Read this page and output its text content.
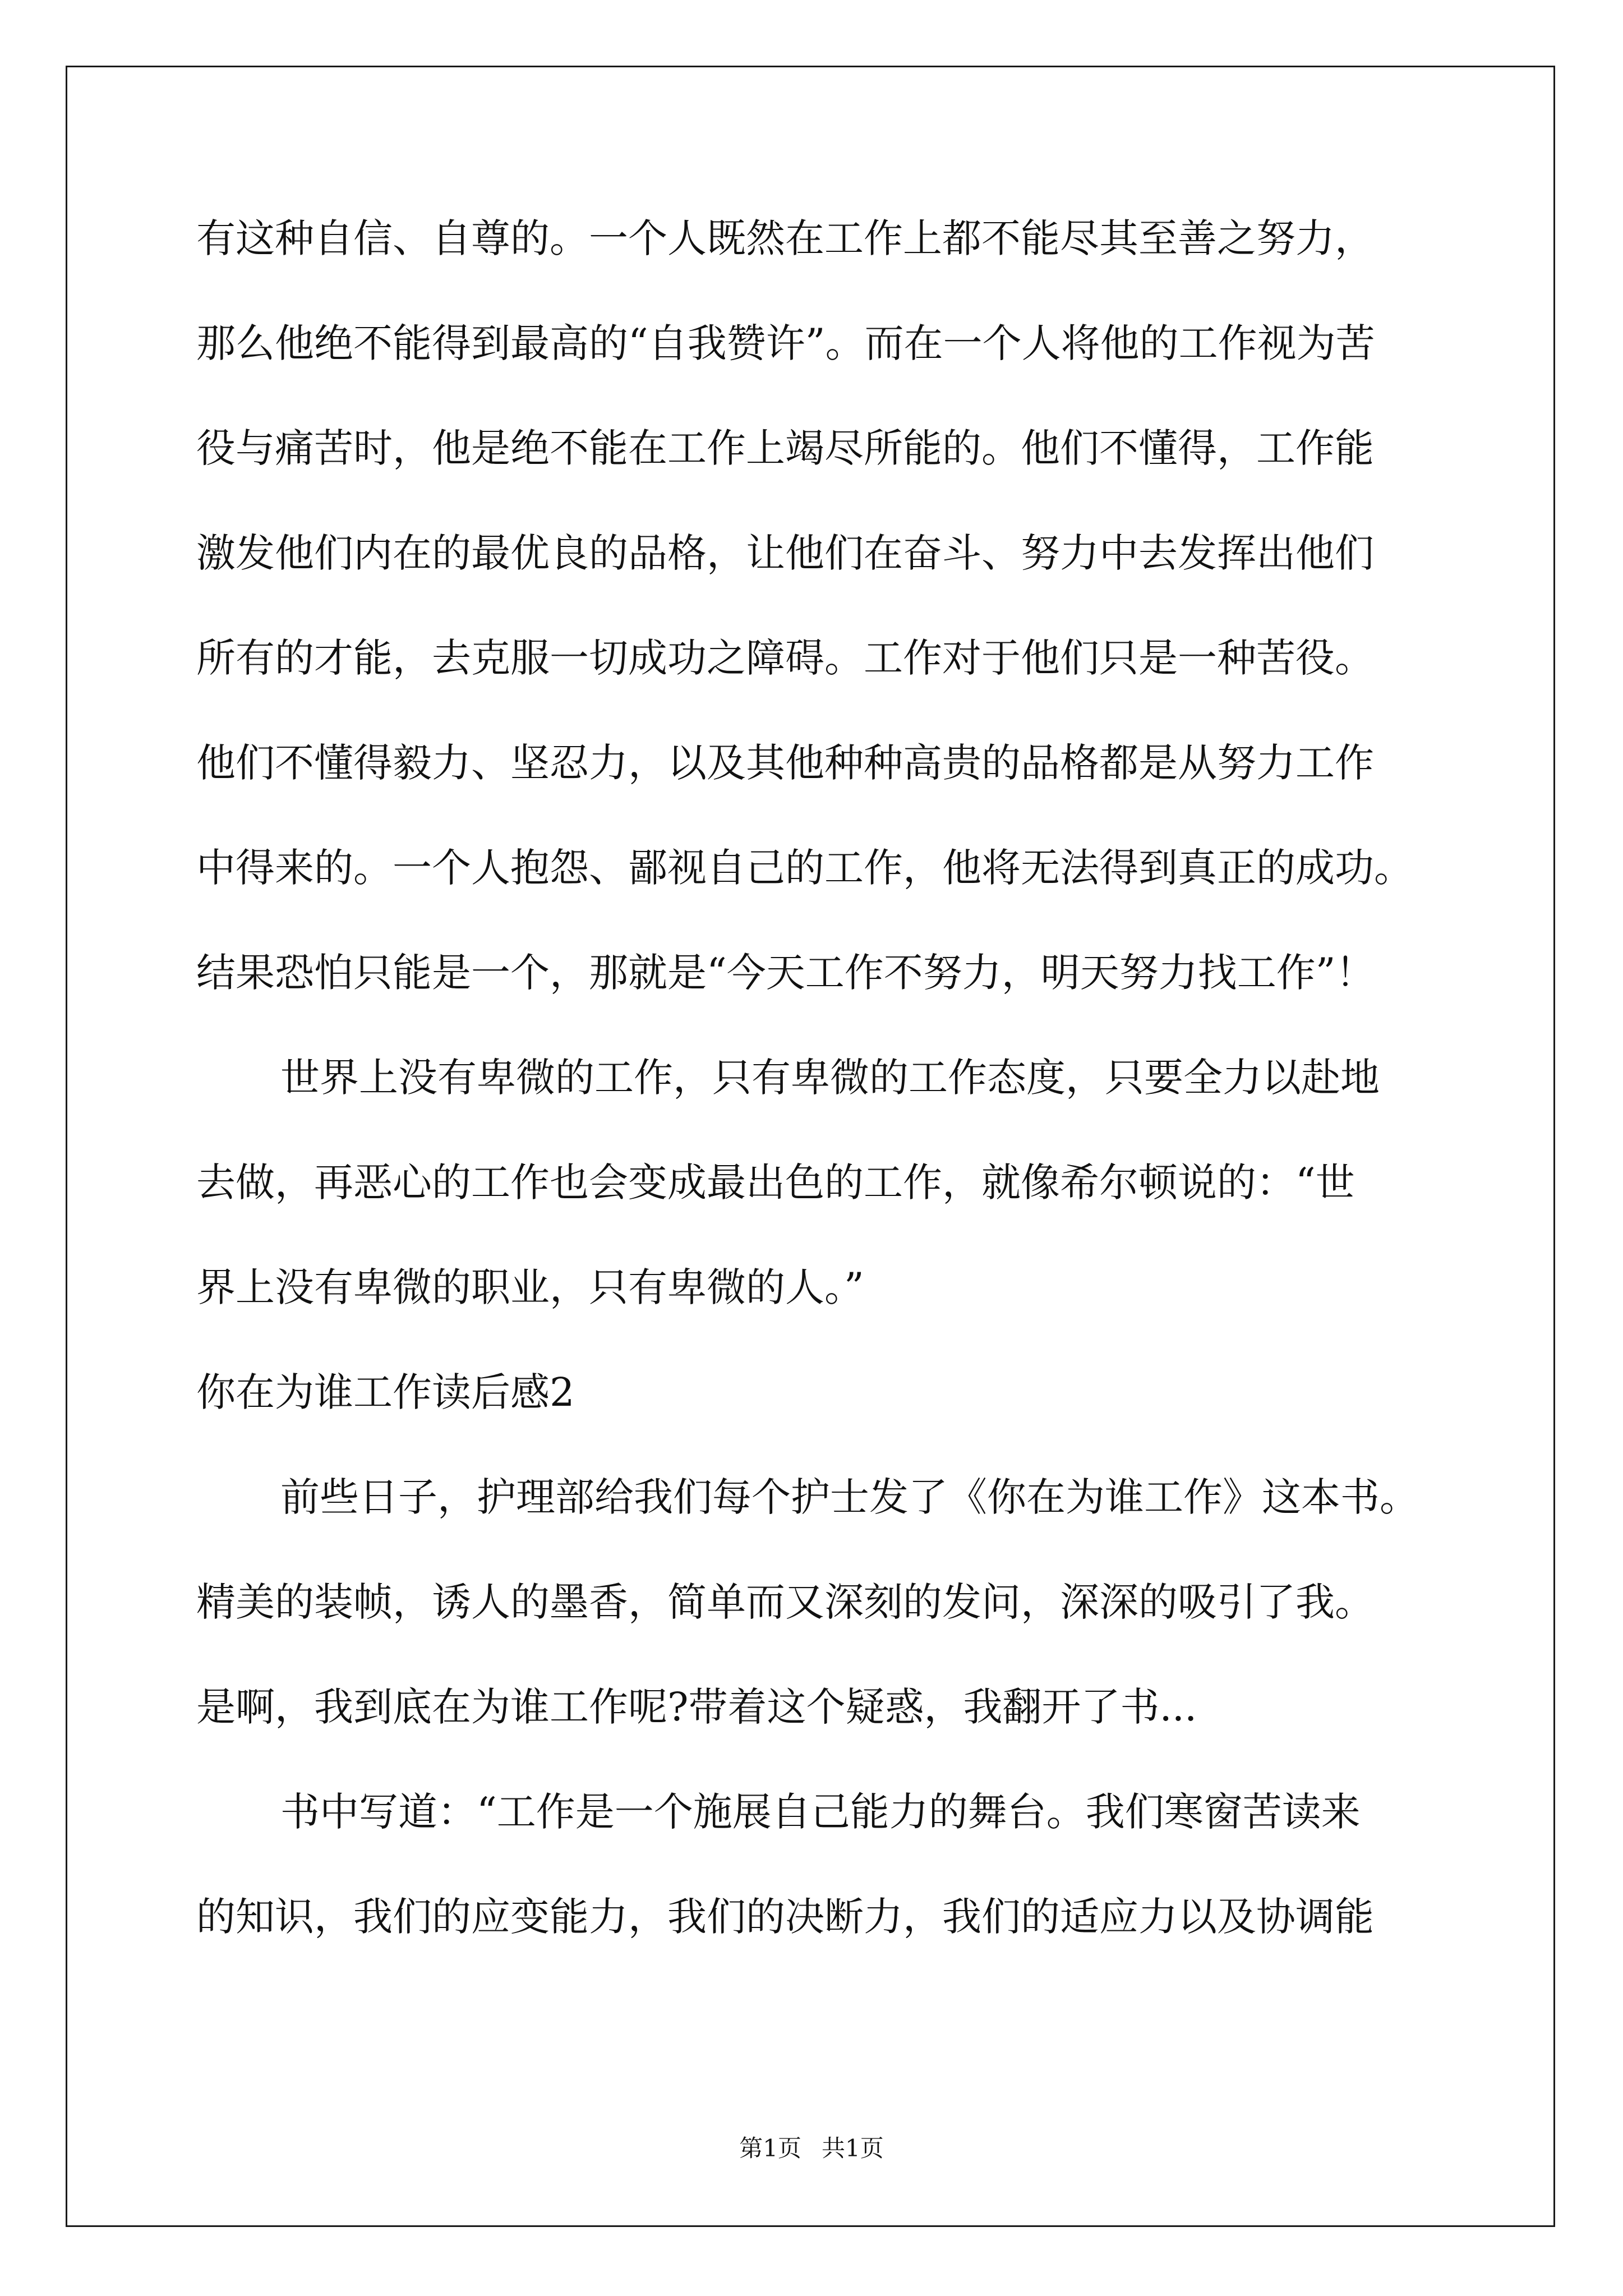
有这种自信、自尊的。一个人既然在工作上都不能尽其至善之努力，
那么他绝不能得到最高的“自我赞许”。而在一个人将他的工作视为苦
役与痛苦时，他是绝不能在工作上竭尽所能的。他们不懂得，工作能
激发他们内在的最优良的品格，让他们在奋斗、努力中去发挥出他们
所有的才能，去克服一切成功之障碍。工作对于他们只是一种苦役。
他们不懂得毅力、坚忍力，以及其他种种高贵的品格都是从努力工作
中得来的。一个人抱怨、鄙视自己的工作，他将无法得到真正的成功。
结果恐怕只能是一个，那就是“今天工作不努力，明天努力找工作”！
世界上没有卑微的工作，只有卑微的工作态度，只要全力以赴地
去做，再恶心的工作也会变成最出色的工作，就像希尔顿说的：“世
界上没有卑微的职业，只有卑微的人。”
你在为谁工作读后感2
前些日子，护理部给我们每个护士发了《你在为谁工作》这本书。
精美的装帧，诱人的墨香，简单而又深刻的发问，深深的吸引了我。
是啊，我到底在为谁工作呢?带着这个疑惑，我翻开了书...
书中写道：“工作是一个施展自己能力的舞台。我们寒窗苦读来
的知识，我们的应变能力，我们的决断力，我们的适应力以及协调能
第1页 共1页
